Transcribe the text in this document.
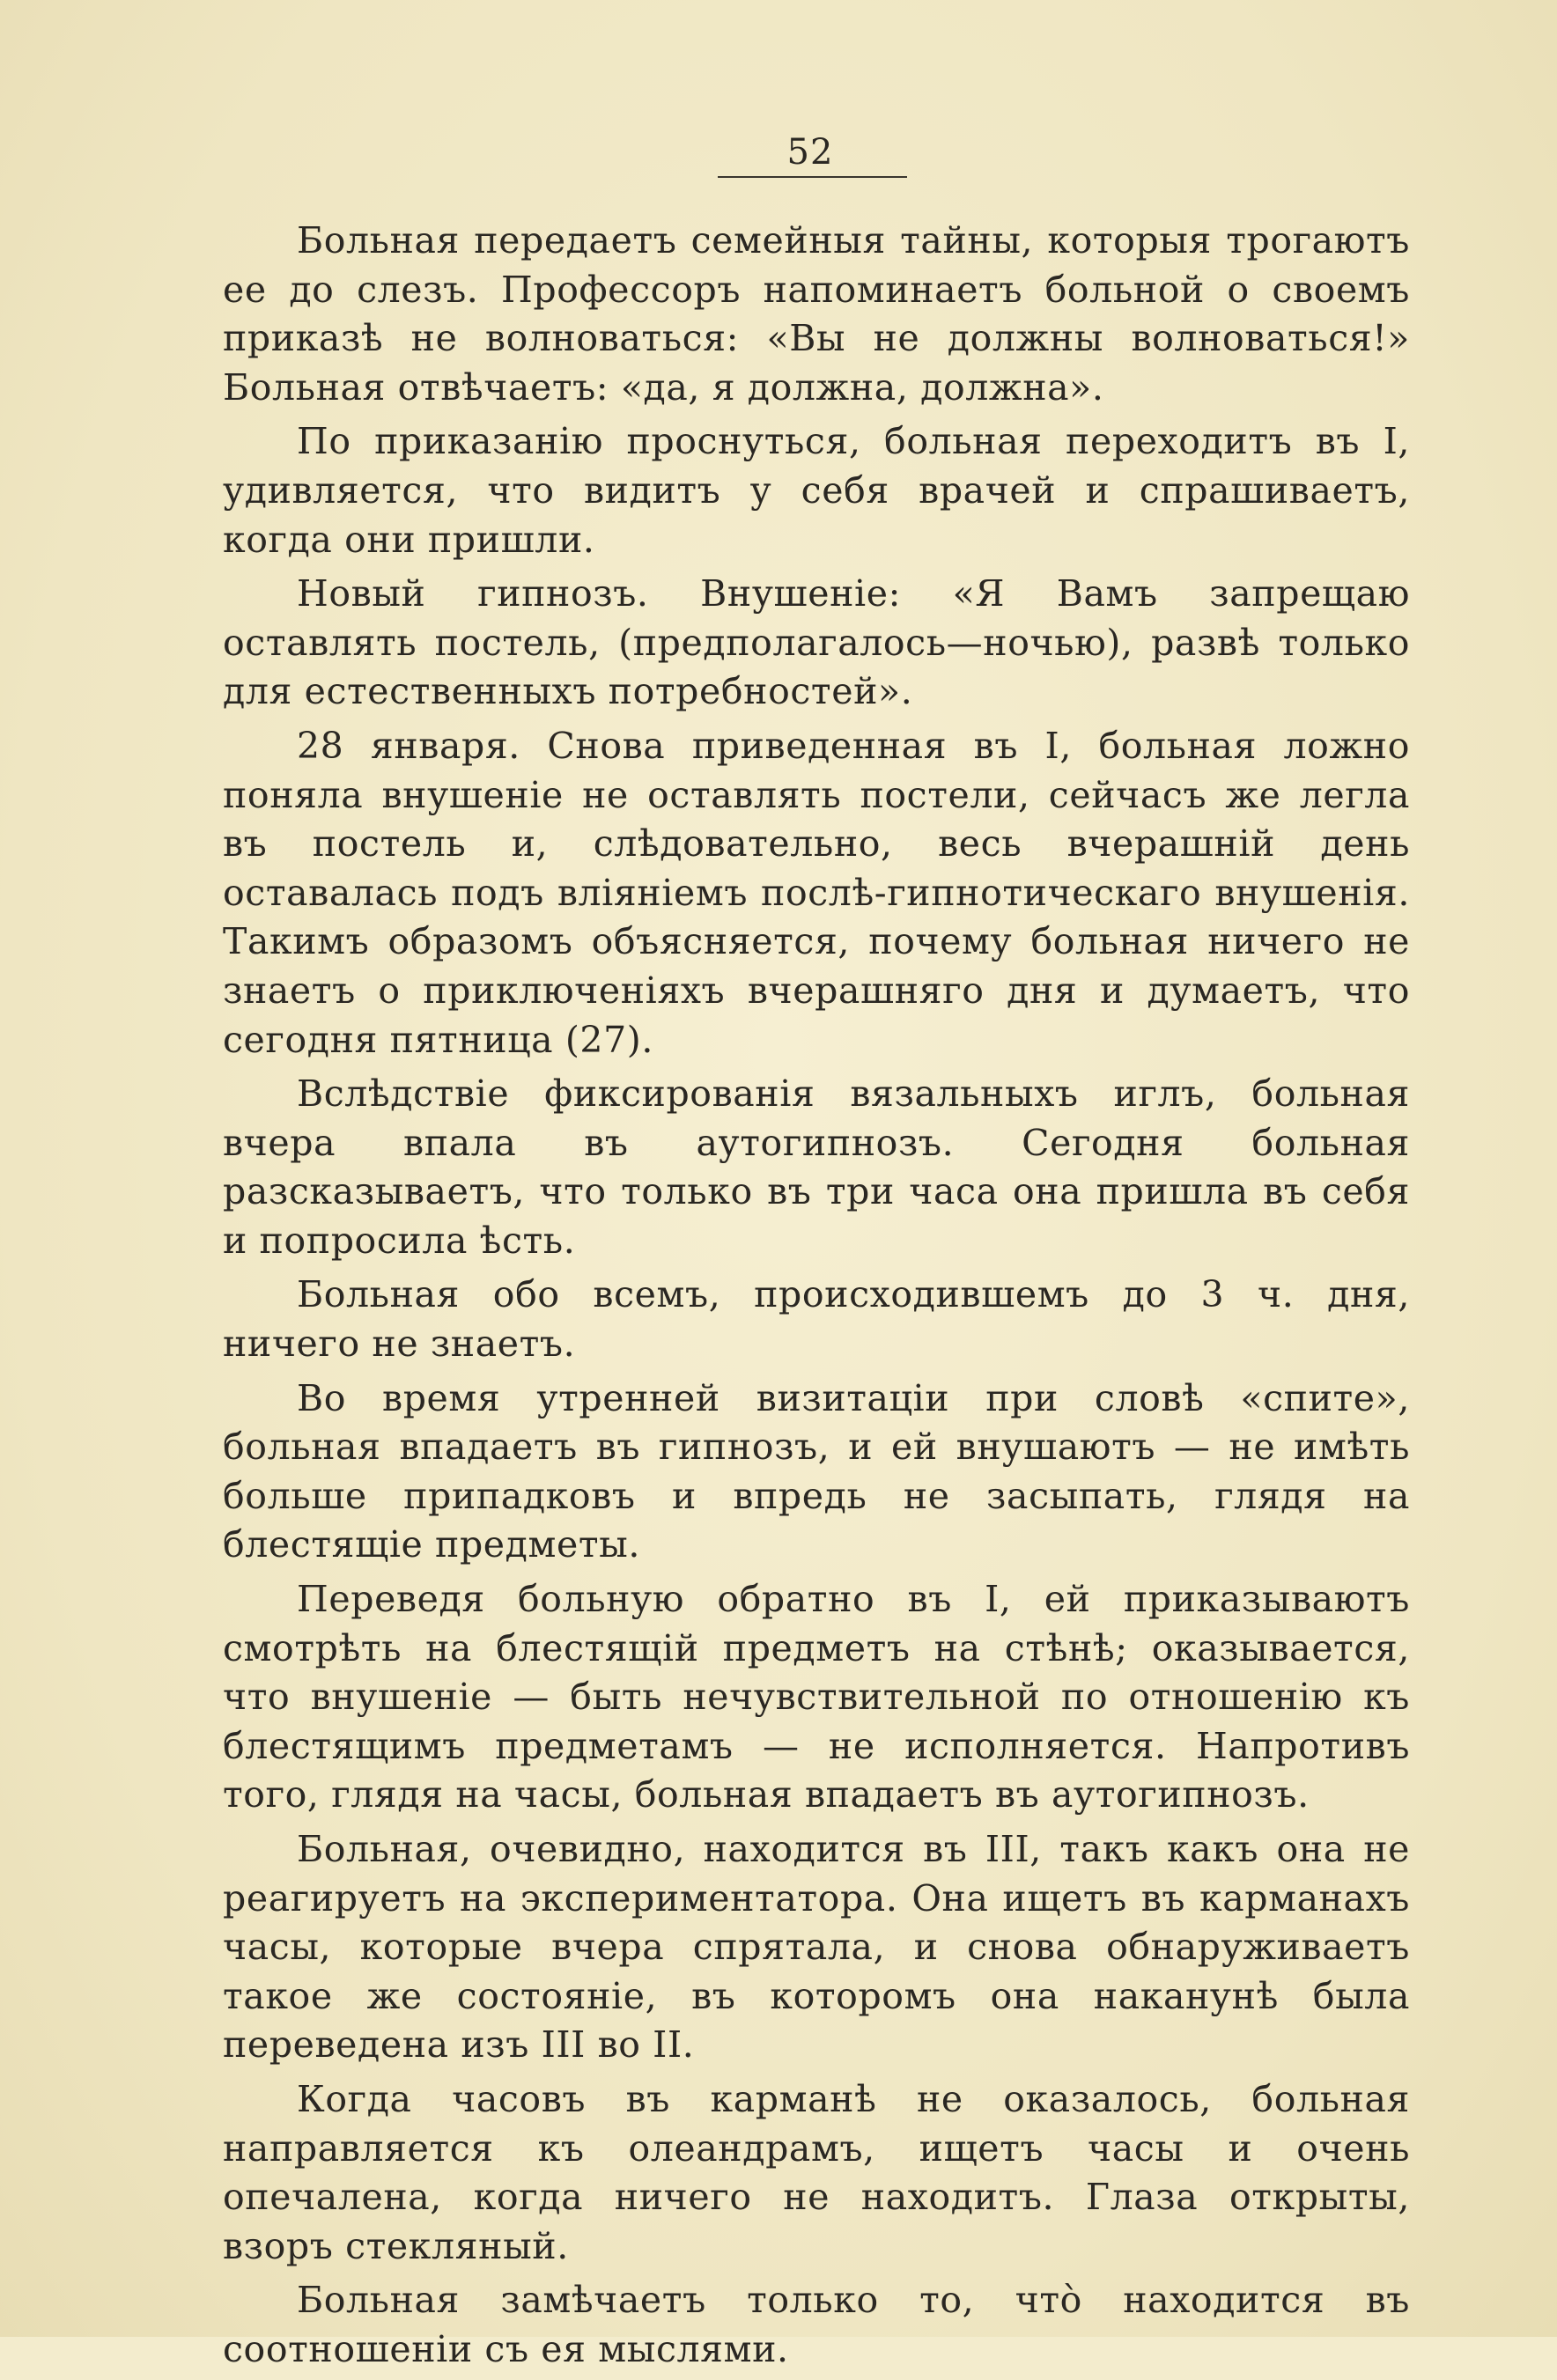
52

Больная передаетъ семейныя тайны, которыя трогаютъ ее до слезъ. Профессоръ напоминаетъ больной о своемъ приказѣ не волноваться: «Вы не должны волноваться!» Больная отвѣчаетъ: «да, я должна, должна».

По приказанію проснуться, больная переходитъ въ I, удивляется, что видитъ у себя врачей и спрашиваетъ, когда они пришли.

Новый гипнозъ. Внушеніе: «Я Вамъ запрещаю оставлять постель, (предполагалось—ночью), развѣ только для естественныхъ потребностей».

28 января. Снова приведенная въ I, больная ложно поняла внушеніе не оставлять постели, сейчасъ же легла въ постель и, слѣдовательно, весь вчерашній день оставалась подъ вліяніемъ послѣ-гипнотическаго внушенія. Такимъ образомъ объясняется, почему больная ничего не знаетъ о приключеніяхъ вчерашняго дня и думаетъ, что сегодня пятница (27).

Вслѣдствіе фиксированія вязальныхъ иглъ, больная вчера впала въ аутогипнозъ. Сегодня больная разсказываетъ, что только въ три часа она пришла въ себя и попросила ѣсть.

Больная обо всемъ, происходившемъ до 3 ч. дня, ничего не знаетъ.

Во время утренней визитаціи при словѣ «спите», больная впадаетъ въ гипнозъ, и ей внушаютъ — не имѣть больше припадковъ и впредь не засыпать, глядя на блестящіе предметы.

Переведя больную обратно въ I, ей приказываютъ смотрѣть на блестящій предметъ на стѣнѣ; оказывается, что внушеніе — быть нечувствительной по отношенію къ блестящимъ предметамъ — не исполняется. Напротивъ того, глядя на часы, больная впадаетъ въ аутогипнозъ.

Больная, очевидно, находится въ III, такъ какъ она не реагируетъ на экспериментатора. Она ищетъ въ карманахъ часы, которые вчера спрятала, и снова обнаруживаетъ такое же состояніе, въ которомъ она наканунѣ была переведена изъ III во II.

Когда часовъ въ карманѣ не оказалось, больная направляется къ олеандрамъ, ищетъ часы и очень опечалена, когда ничего не находитъ. Глаза открыты, взоръ стекляный.

Больная замѣчаетъ только то, что̀ находится въ соотношеніи съ ея мыслями.
